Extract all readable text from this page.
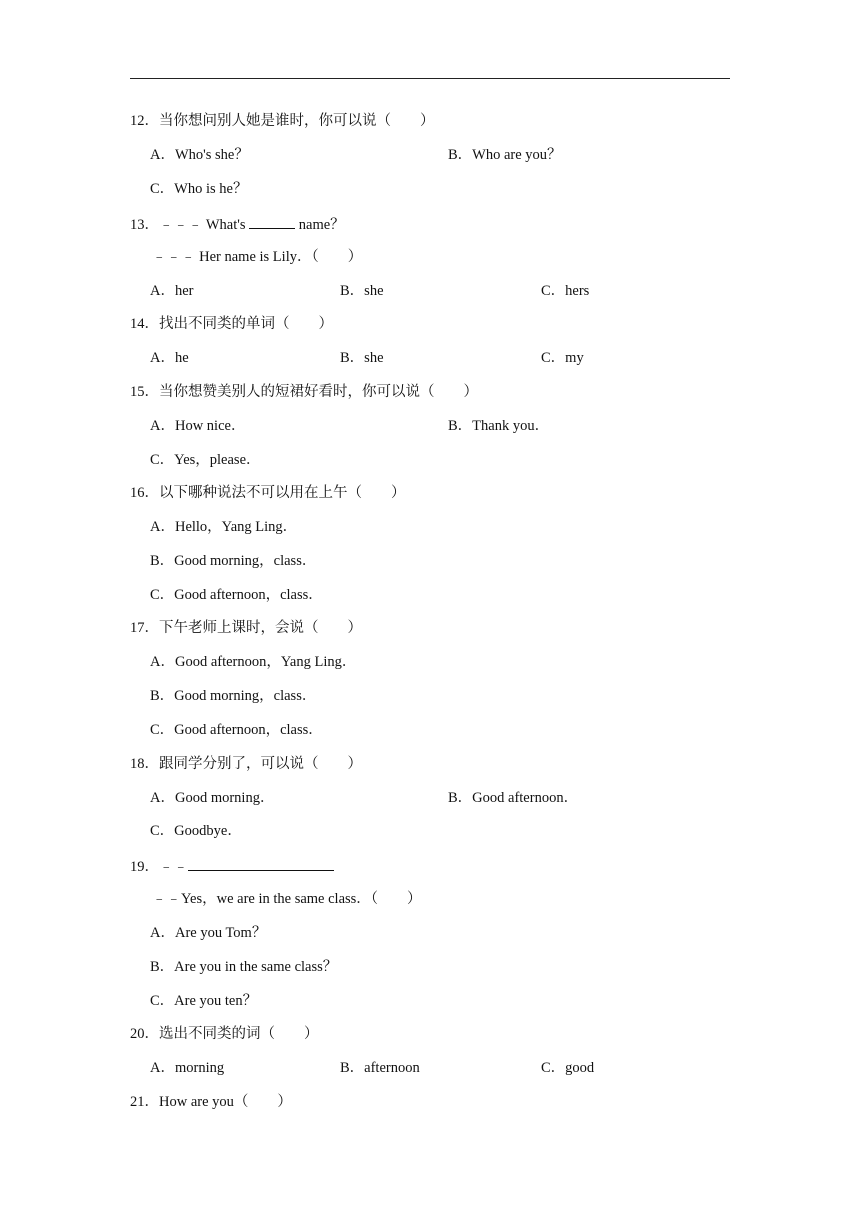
12．当你想问别人她是谁时，你可以说（　　）
A．Who's she？	B．Who are you？
C．Who is he？
13．﹣﹣﹣ What's	name？
﹣﹣﹣ Her name is Lily．（　　）
A．her	B．she	C．hers
14．找出不同类的单词（　　）
A．he	B．she	C．my
15．当你想赞美别人的短裙好看时，你可以说（　　）
A．How nice．	B．Thank you．
C．Yes，please．
16．以下哪种说法不可以用在上午（　　）
A．Hello，Yang Ling．
B．Good morning，class．
C．Good afternoon，class．
17．下午老师上课时，会说（　　）
A．Good afternoon，Yang Ling．
B．Good morning，class．
C．Good afternoon，class．
18．跟同学分别了，可以说（　　）
A．Good morning．	B．Good afternoon．
C．Goodbye．
19．﹣﹣
﹣﹣Yes，we are in the same class．（　　）
A．Are you Tom？
B．Are you in the same class？
C．Are you ten？
20．选出不同类的词（　　）
A．morning	B．afternoon	C．good
21．How are you（　　）
